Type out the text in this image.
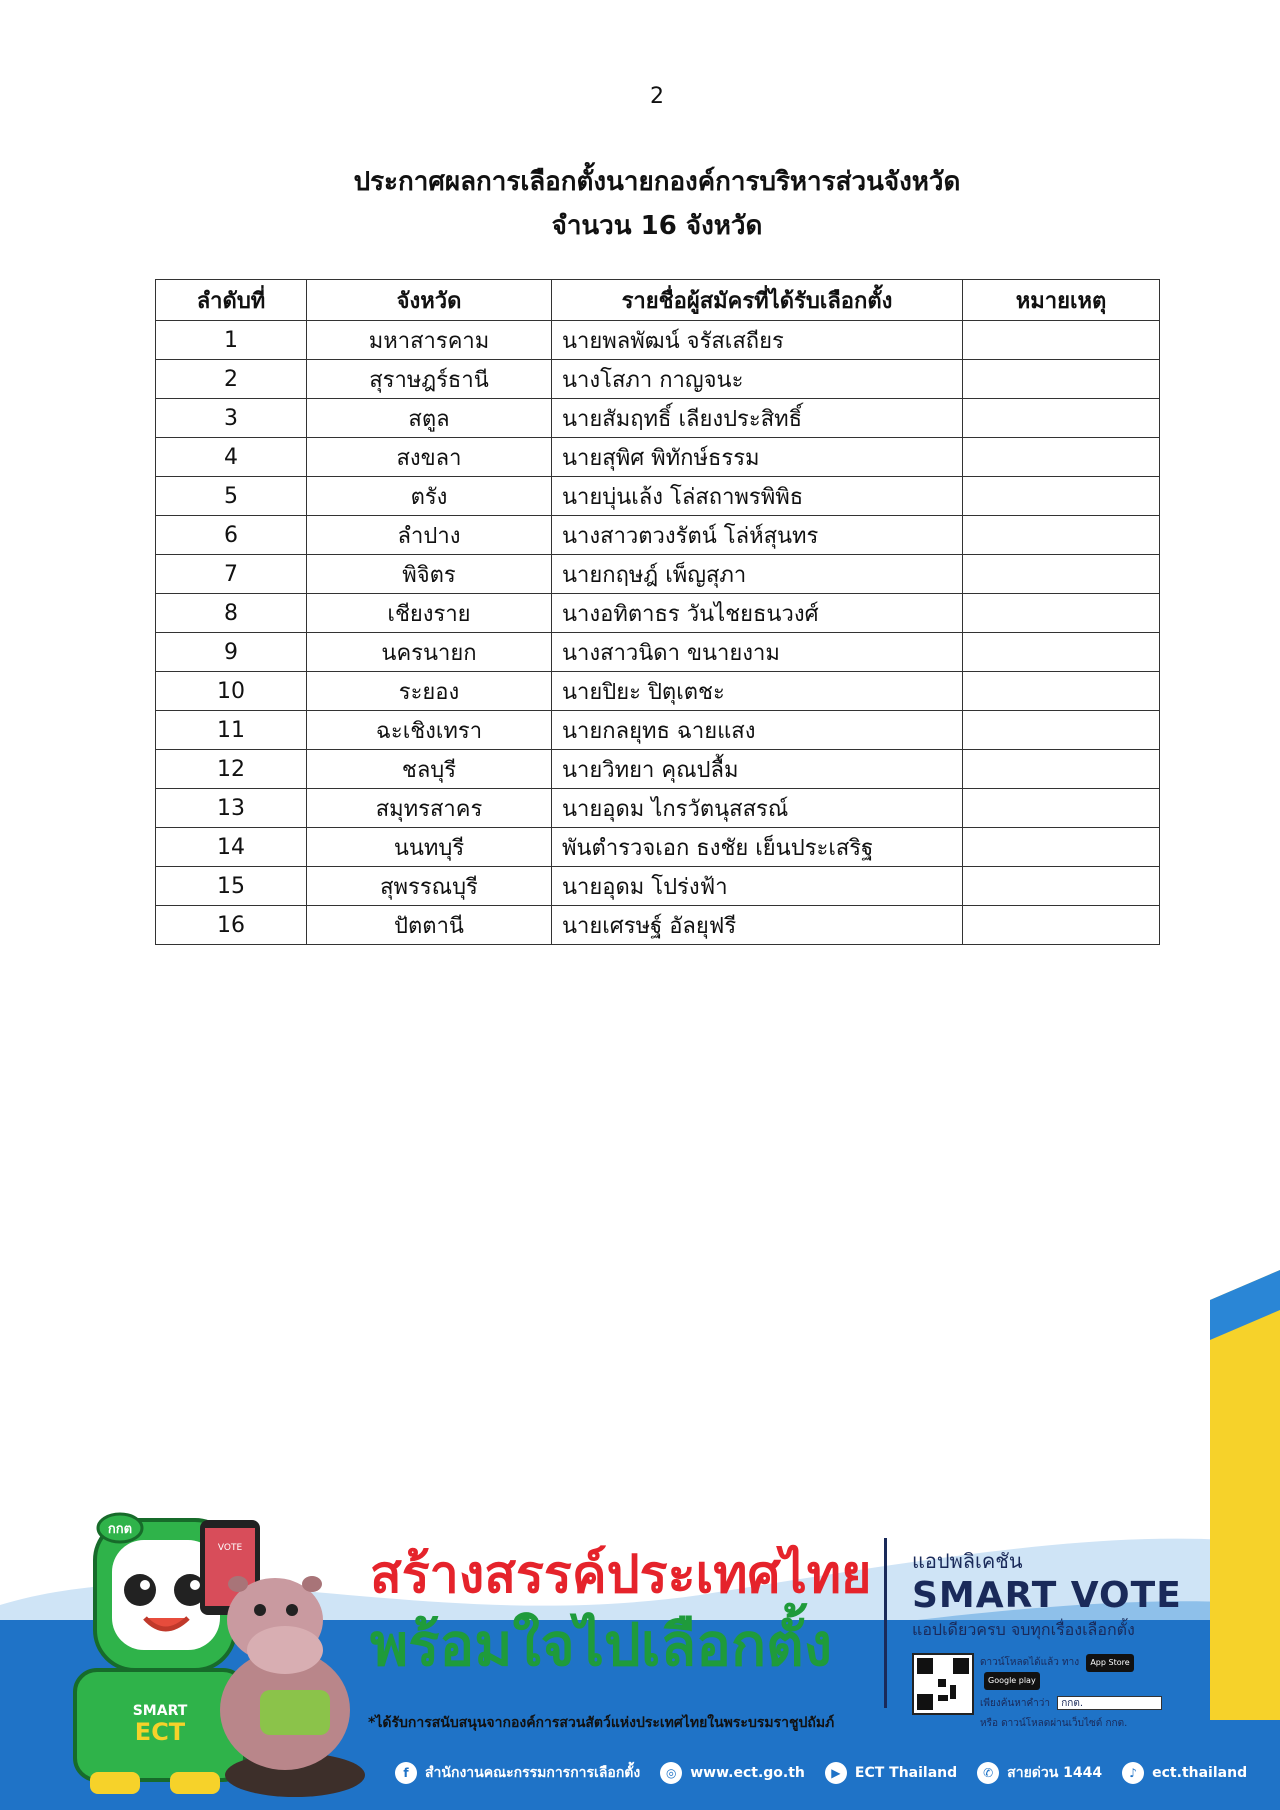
2
ประกาศผลการเลือกตั้งนายกองค์การบริหารส่วนจังหวัด
จำนวน 16 จังหวัด
ลำดับที่	จังหวัด	รายชื่อผู้สมัครที่ได้รับเลือกตั้ง	หมายเหตุ
1	มหาสารคาม	นายพลพัฒน์ จรัสเสถียร	
2	สุราษฎร์ธานี	นางโสภา กาญจนะ	
3	สตูล	นายสัมฤทธิ์ เลียงประสิทธิ์	
4	สงขลา	นายสุพิศ พิทักษ์ธรรม	
5	ตรัง	นายบุ่นเล้ง โล่สถาพรพิพิธ	
6	ลำปาง	นางสาวตวงรัตน์ โล่ห์สุนทร	
7	พิจิตร	นายกฤษฎ์ เพ็ญสุภา	
8	เชียงราย	นางอทิตาธร วันไชยธนวงศ์	
9	นครนายก	นางสาวนิดา ขนายงาม	
10	ระยอง	นายปิยะ ปิตุเตชะ	
11	ฉะเชิงเทรา	นายกลยุทธ ฉายแสง	
12	ชลบุรี	นายวิทยา คุณปลื้ม	
13	สมุทรสาคร	นายอุดม ไกรวัตนุสสรณ์	
14	นนทบุรี	พันตำรวจเอก ธงชัย เย็นประเสริฐ	
15	สุพรรณบุรี	นายอุดม โปร่งฟ้า	
16	ปัตตานี	นายเศรษฐ์ อัลยุฟรี	
กกต
SMART
ECT
VOTE สร้างสรรค์ประเทศไทย
พร้อมใจไปเลือกตั้ง
แอปพลิเคชัน
SMART VOTE
แอปเดียวครบ จบทุกเรื่องเลือกตั้ง
ดาวน์โหลดได้แล้ว ทาง App Store Google play
เพียงค้นหาคำว่า กกต.
หรือ ดาวน์โหลดผ่านเว็บไซต์ กกต.
*ได้รับการสนับสนุนจากองค์การสวนสัตว์แห่งประเทศไทยในพระบรมราชูปถัมภ์
f	สำนักงานคณะกรรมการการเลือกตั้ง	◎ www.ect.go.th	▶	ECT Thailand	✆ สายด่วน 1444	♪	ect.thailand
